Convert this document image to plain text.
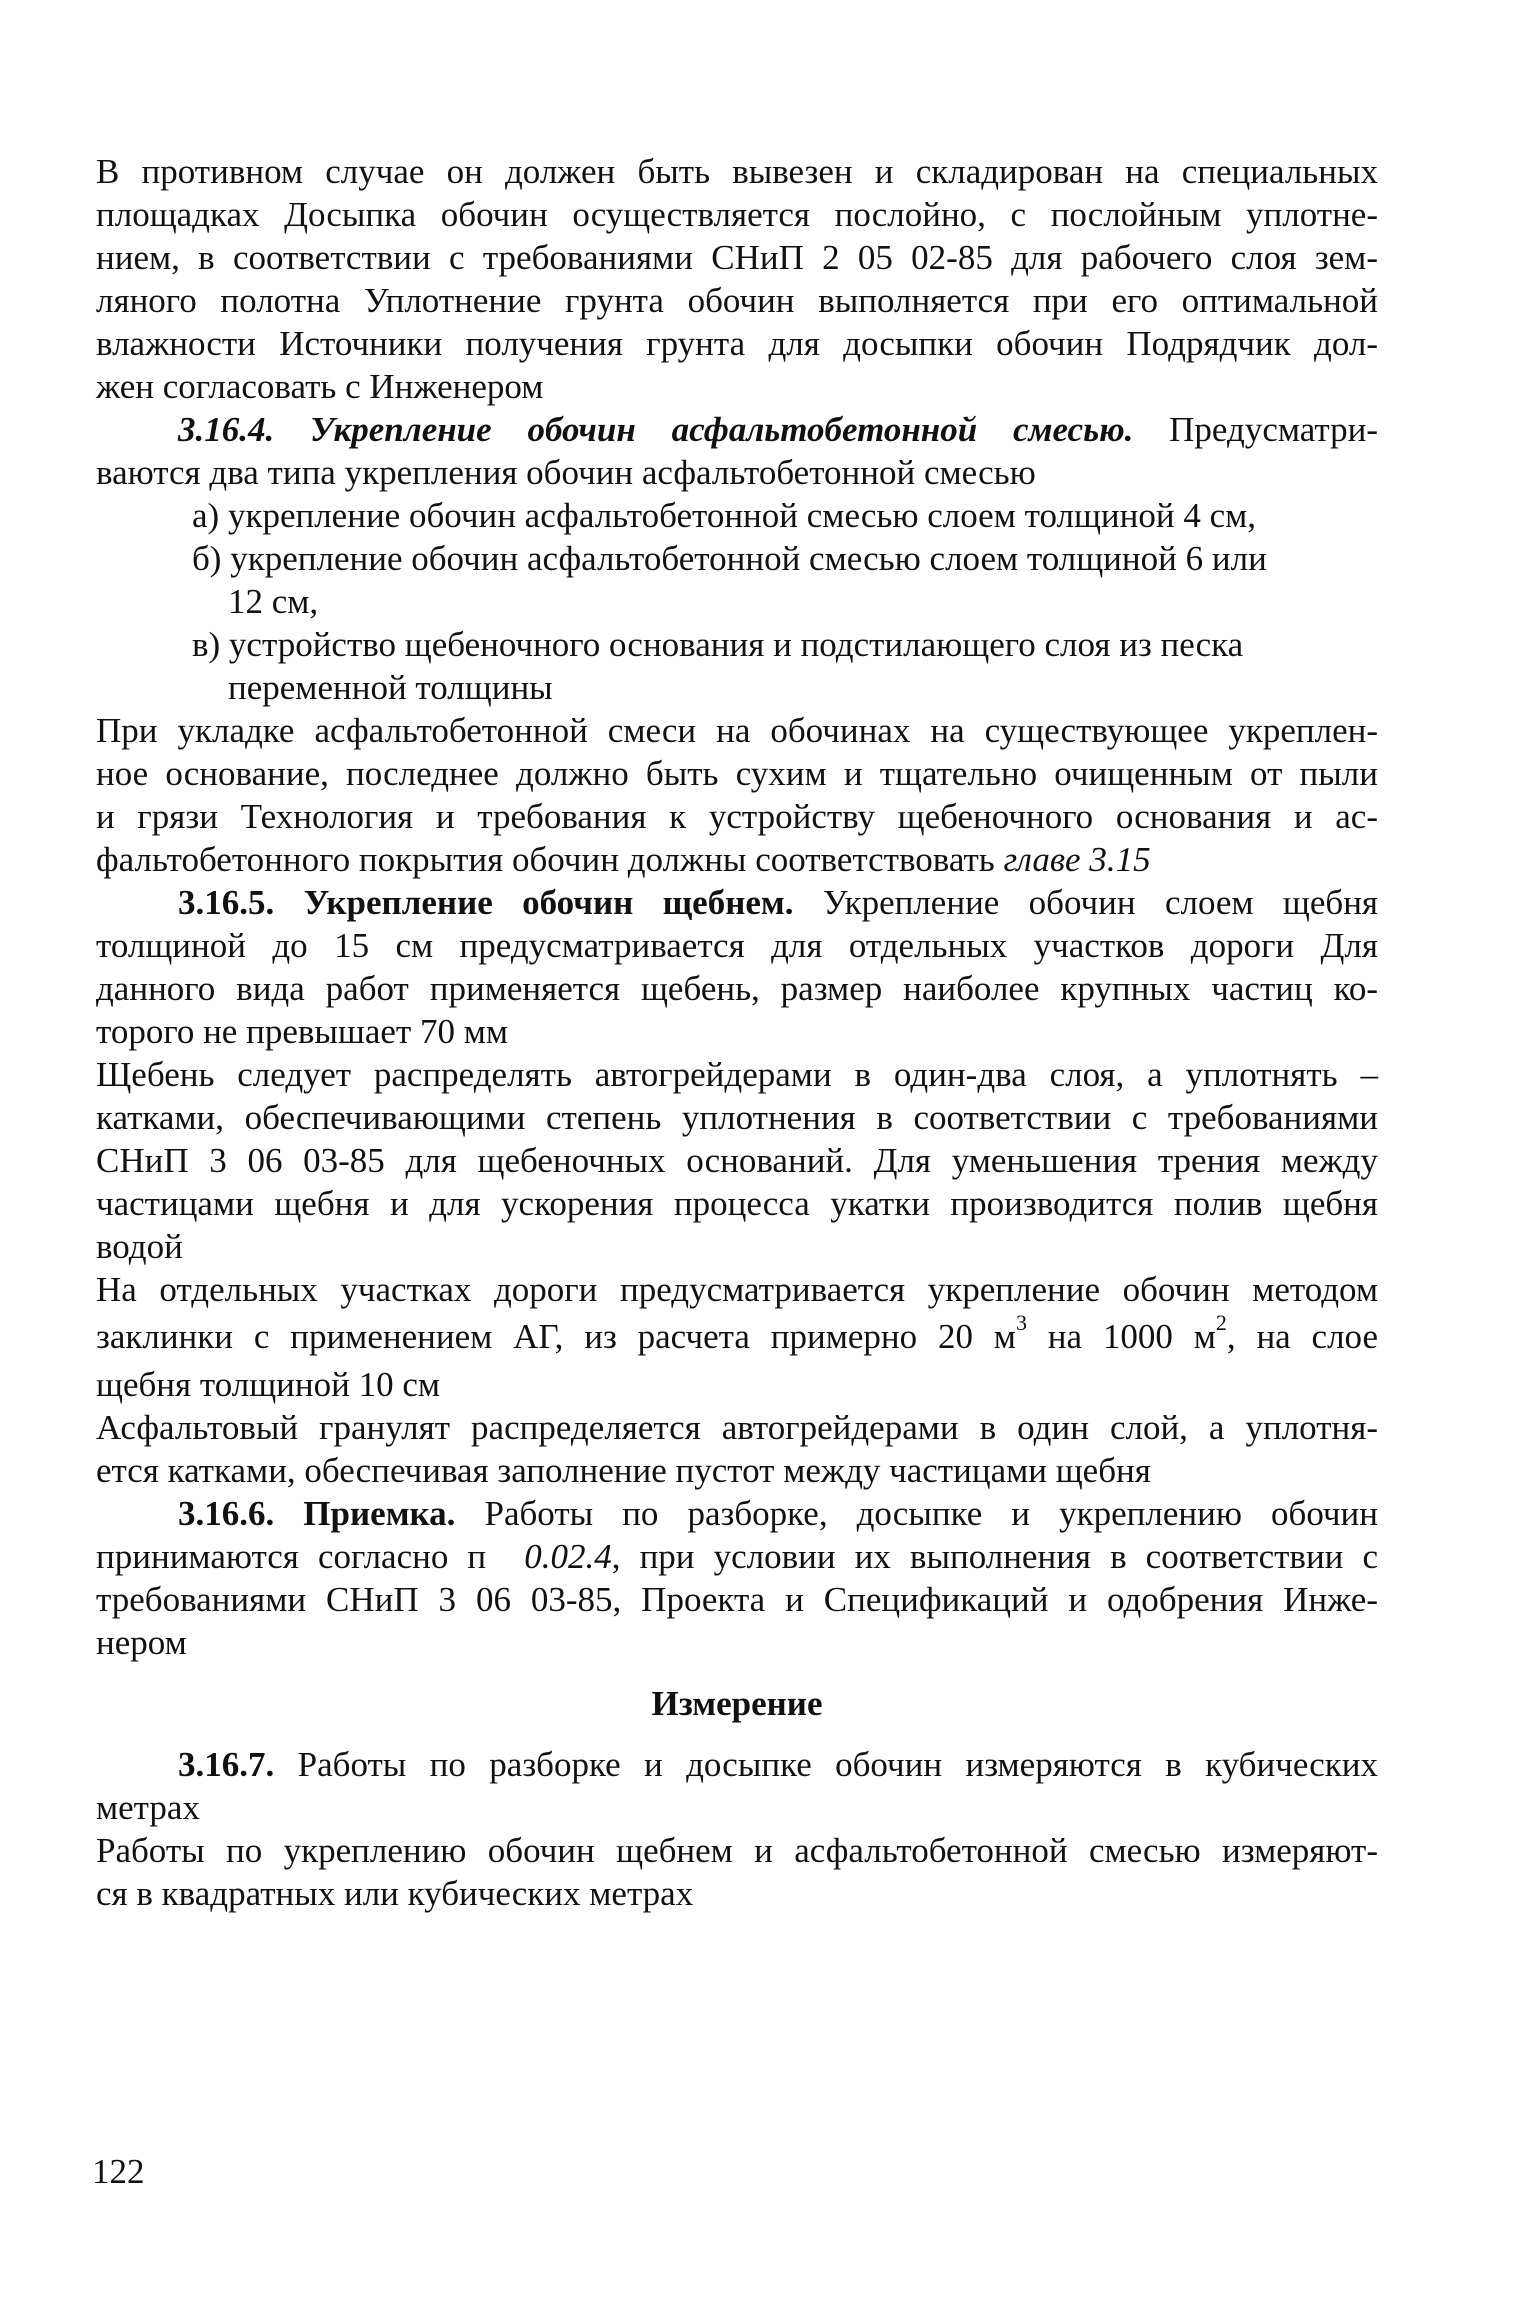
В противном случае он должен быть вывезен и складирован на специальных
площадках Досыпка обочин осуществляется послойно, с послойным уплотне-
нием, в соответствии с требованиями СНиП 2 05 02-85 для рабочего слоя зем-
ляного полотна Уплотнение грунта обочин выполняется при его оптимальной
влажности Источники получения грунта для досыпки обочин Подрядчик дол-
жен согласовать с Инженером
3.16.4. Укрепление обочин асфальтобетонной смесью. Предусматри-
ваются два типа укрепления обочин асфальтобетонной смесью
а) укрепление обочин асфальтобетонной смесью слоем толщиной 4 см,
б) укрепление обочин асфальтобетонной смесью слоем толщиной 6 или
12 см,
в) устройство щебеночного основания и подстилающего слоя из песка
переменной толщины
При укладке асфальтобетонной смеси на обочинах на существующее укреплен-
ное основание, последнее должно быть сухим и тщательно очищенным от пыли
и грязи Технология и требования к устройству щебеночного основания и ас-
фальтобетонного покрытия обочин должны соответствовать главе 3.15
3.16.5. Укрепление обочин щебнем. Укрепление обочин слоем щебня
толщиной до 15 см предусматривается для отдельных участков дороги Для
данного вида работ применяется щебень, размер наиболее крупных частиц ко-
торого не превышает 70 мм
Щебень следует распределять автогрейдерами в один-два слоя, а уплотнять –
катками, обеспечивающими степень уплотнения в соответствии с требованиями
СНиП 3 06 03-85 для щебеночных оснований. Для уменьшения трения между
частицами щебня и для ускорения процесса укатки производится полив щебня
водой
На отдельных участках дороги предусматривается укрепление обочин методом
заклинки с применением АГ, из расчета примерно 20 $м^3$ на 1000 $м^2$, на слое
щебня толщиной 10 см
Асфальтовый гранулят распределяется автогрейдерами в один слой, а уплотня-
ется катками, обеспечивая заполнение пустот между частицами щебня
3.16.6. Приемка. Работы по разборке, досыпке и укреплению обочин
принимаются согласно п 0.02.4, при условии их выполнения в соответствии с
требованиями СНиП 3 06 03-85, Проекта и Спецификаций и одобрения Инже-
нером
Измерение
3.16.7. Работы по разборке и досыпке обочин измеряются в кубических
метрах
Работы по укреплению обочин щебнем и асфальтобетонной смесью измеряют-
ся в квадратных или кубических метрах
122
